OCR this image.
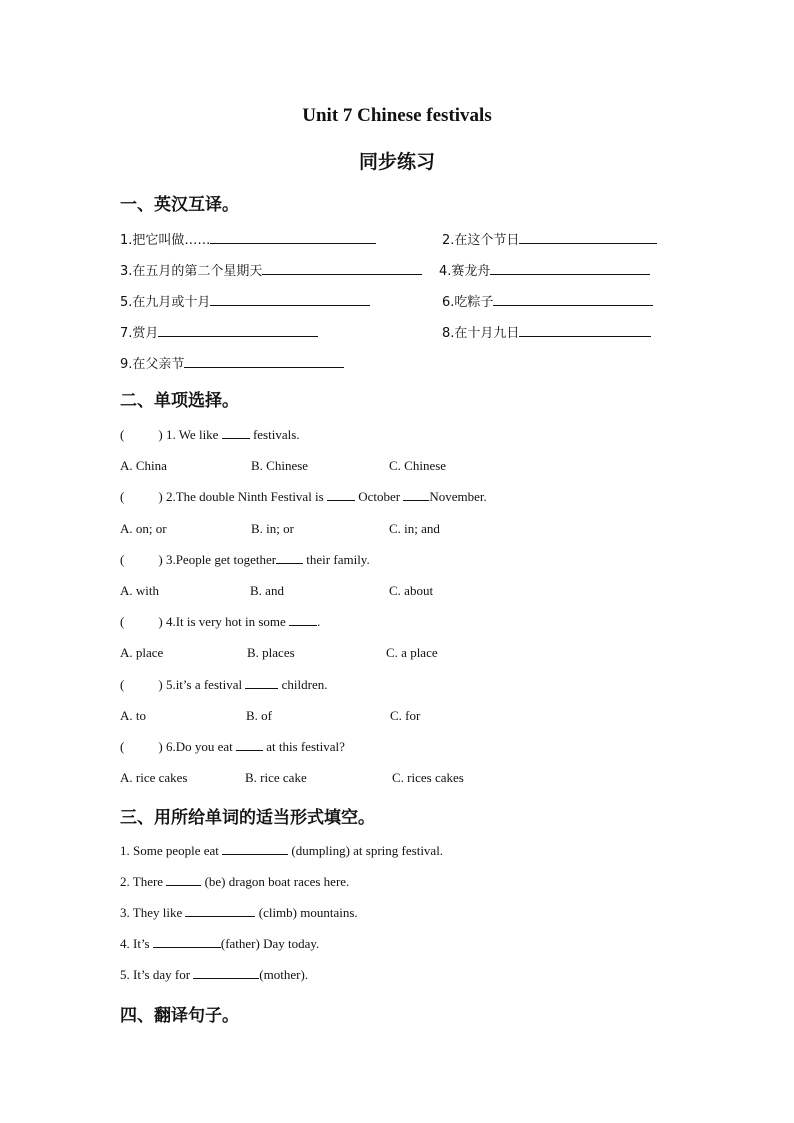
Unit 7 Chinese festivals
同步练习
一、英汉互译。
1.把它叫做……	2.在这个节日
3.在五月的第二个星期天	4.赛龙舟
5.在九月或十月	6.吃粽子
7.赏月	8.在十月九日
9.在父亲节
二、单项选择。
(	) 1. We like	festivals.
A. China	B. Chinese	C. Chinese
(	) 2.The double Ninth Festival is	October November.
A. on; or	B. in; or	C. in; and
(	) 3.People get together their family.
A. with	B. and	C. about
(	) 4.It is very hot in some .
A. place	B. places	C. a place
(	) 5.it’s a festival	children.
A. to	B. of	C. for
(	) 6.Do you eat	at this festival?
A. rice cakes	B. rice cake	C. rices cakes
三、用所给单词的适当形式填空。
1. Some people eat	(dumpling) at spring festival.
2. There	(be) dragon boat races here.
3. They like	(climb) mountains.
4. It’s	(father) Day today.
5. It’s day for	(mother).
四、翻译句子。
